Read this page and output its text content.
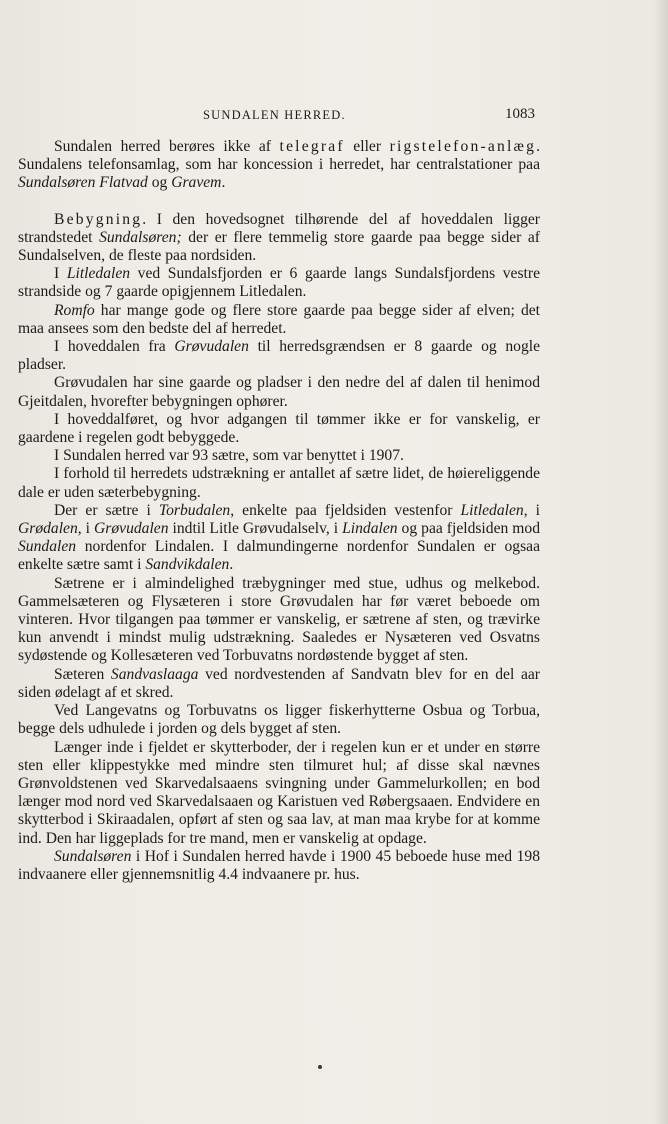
SUNDALEN HERRED.	1083

Sundalen herred berøres ikke af telegraf eller rigstelefon-anlæg. Sundalens telefonsamlag, som har koncession i herredet, har centralstationer paa Sundalsøren Flatvad og Gravem.

Bebygning. I den hovedsognet tilhørende del af hoveddalen ligger strandstedet Sundalsøren; der er flere temmelig store gaarde paa begge sider af Sundalselven, de fleste paa nordsiden.

I Litledalen ved Sundalsfjorden er 6 gaarde langs Sundalsfjordens vestre strandside og 7 gaarde opigjennem Litledalen.

Romfo har mange gode og flere store gaarde paa begge sider af elven; det maa ansees som den bedste del af herredet.

I hoveddalen fra Grøvudalen til herredsgrændsen er 8 gaarde og nogle pladser.

Grøvudalen har sine gaarde og pladser i den nedre del af dalen til henimod Gjeitdalen, hvorefter bebygningen ophører.

I hoveddalføret, og hvor adgangen til tømmer ikke er for vanskelig, er gaardene i regelen godt bebyggede.

I Sundalen herred var 93 sætre, som var benyttet i 1907.

I forhold til herredets udstrækning er antallet af sætre lidet, de høiereliggende dale er uden sæterbebygning.

Der er sætre i Torbudalen, enkelte paa fjeldsiden vestenfor Litledalen, i Grødalen, i Grøvudalen indtil Litle Grøvudalselv, i Lindalen og paa fjeldsiden mod Sundalen nordenfor Lindalen. I dalmundingerne nordenfor Sundalen er ogsaa enkelte sætre samt i Sandvikdalen.

Sætrene er i almindelighed træbygninger med stue, udhus og melkebod. Gammelsæteren og Flysæteren i store Grøvudalen har før været beboede om vinteren. Hvor tilgangen paa tømmer er vanskelig, er sætrene af sten, og trævirke kun anvendt i mindst mulig udstrækning. Saaledes er Nysæteren ved Osvatns sydøstende og Kollesæteren ved Torbuvatns nordøstende bygget af sten.

Sæteren Sandvaslaaga ved nordvestenden af Sandvatn blev for en del aar siden ødelagt af et skred.

Ved Langevatns og Torbuvatns os ligger fiskerhytterne Osbua og Torbua, begge dels udhulede i jorden og dels bygget af sten.

Længer inde i fjeldet er skytterboder, der i regelen kun er et under en større sten eller klippestykke med mindre sten tilmuret hul; af disse skal nævnes Grønvoldstenen ved Skarvedalsaaens svingning under Gammelurkollen; en bod længer mod nord ved Skarvedalsaaen og Karistuen ved Røbergsaaen. Endvidere en skytterbod i Skiraadalen, opført af sten og saa lav, at man maa krybe for at komme ind. Den har liggeplads for tre mand, men er vanskelig at opdage.

Sundalsøren i Hof i Sundalen herred havde i 1900 45 beboede huse med 198 indvaanere eller gjennemsnitlig 4.4 indvaanere pr. hus.
